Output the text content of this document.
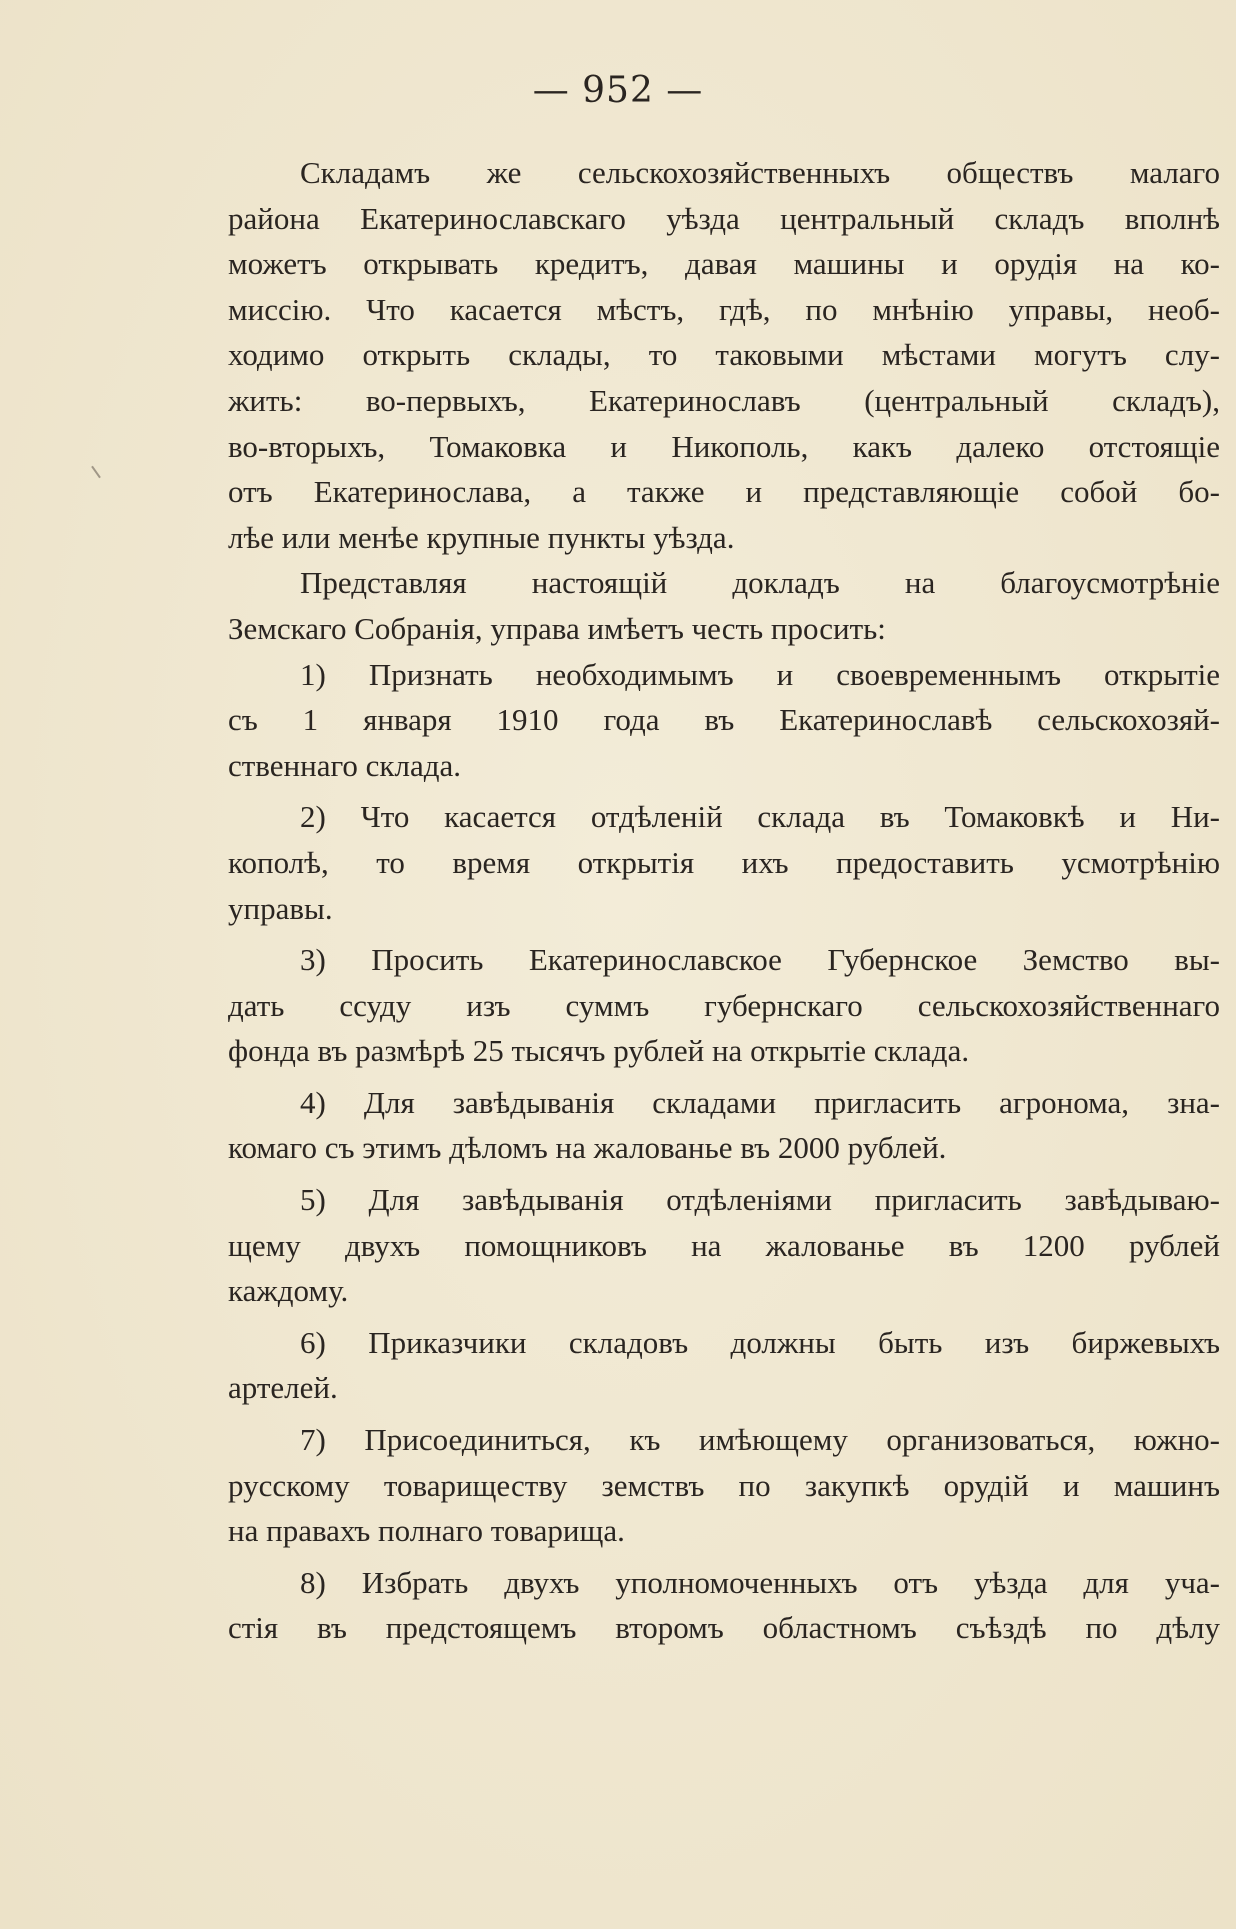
— 952 —
Складамъ же сельскохозяйственныхъ обществъ малаго
района Екатеринославскаго уѣзда центральный складъ вполнѣ
можетъ открывать кредитъ, давая машины и орудія на ко-
миссію. Что касается мѣстъ, гдѣ, по мнѣнію управы, необ-
ходимо открыть склады, то таковыми мѣстами могутъ слу-
жить: во-первыхъ, Екатеринославъ (центральный складъ),
во-вторыхъ, Томаковка и Никополь, какъ далеко отстоящіе
отъ Екатеринослава, а также и представляющіе собой бо-
лѣе или менѣе крупные пункты уѣзда.
Представляя настоящій докладъ на благоусмотрѣніе
Земскаго Собранія, управа имѣетъ честь просить:
1) Признать необходимымъ и своевременнымъ открытіе
съ 1 января 1910 года въ Екатеринославѣ сельскохозяй-
ственнаго склада.
2) Что касается отдѣленій склада въ Томаковкѣ и Ни-
кополѣ, то время открытія ихъ предоставить усмотрѣнію
управы.
3) Просить Екатеринославское Губернское Земство вы-
дать ссуду изъ суммъ губернскаго сельскохозяйственнаго
фонда въ размѣрѣ 25 тысячъ рублей на открытіе склада.
4) Для завѣдыванія складами пригласить агронома, зна-
комаго съ этимъ дѣломъ на жалованье въ 2000 рублей.
5) Для завѣдыванія отдѣленіями пригласить завѣдываю-
щему двухъ помощниковъ на жалованье въ 1200 рублей
каждому.
6) Приказчики складовъ должны быть изъ биржевыхъ
артелей.
7) Присоединиться, къ имѣющему организоваться, южно-
русскому товариществу земствъ по закупкѣ орудій и машинъ
на правахъ полнаго товарища.
8) Избрать двухъ уполномоченныхъ отъ уѣзда для уча-
стія въ предстоящемъ второмъ областномъ съѣздѣ по дѣлу
